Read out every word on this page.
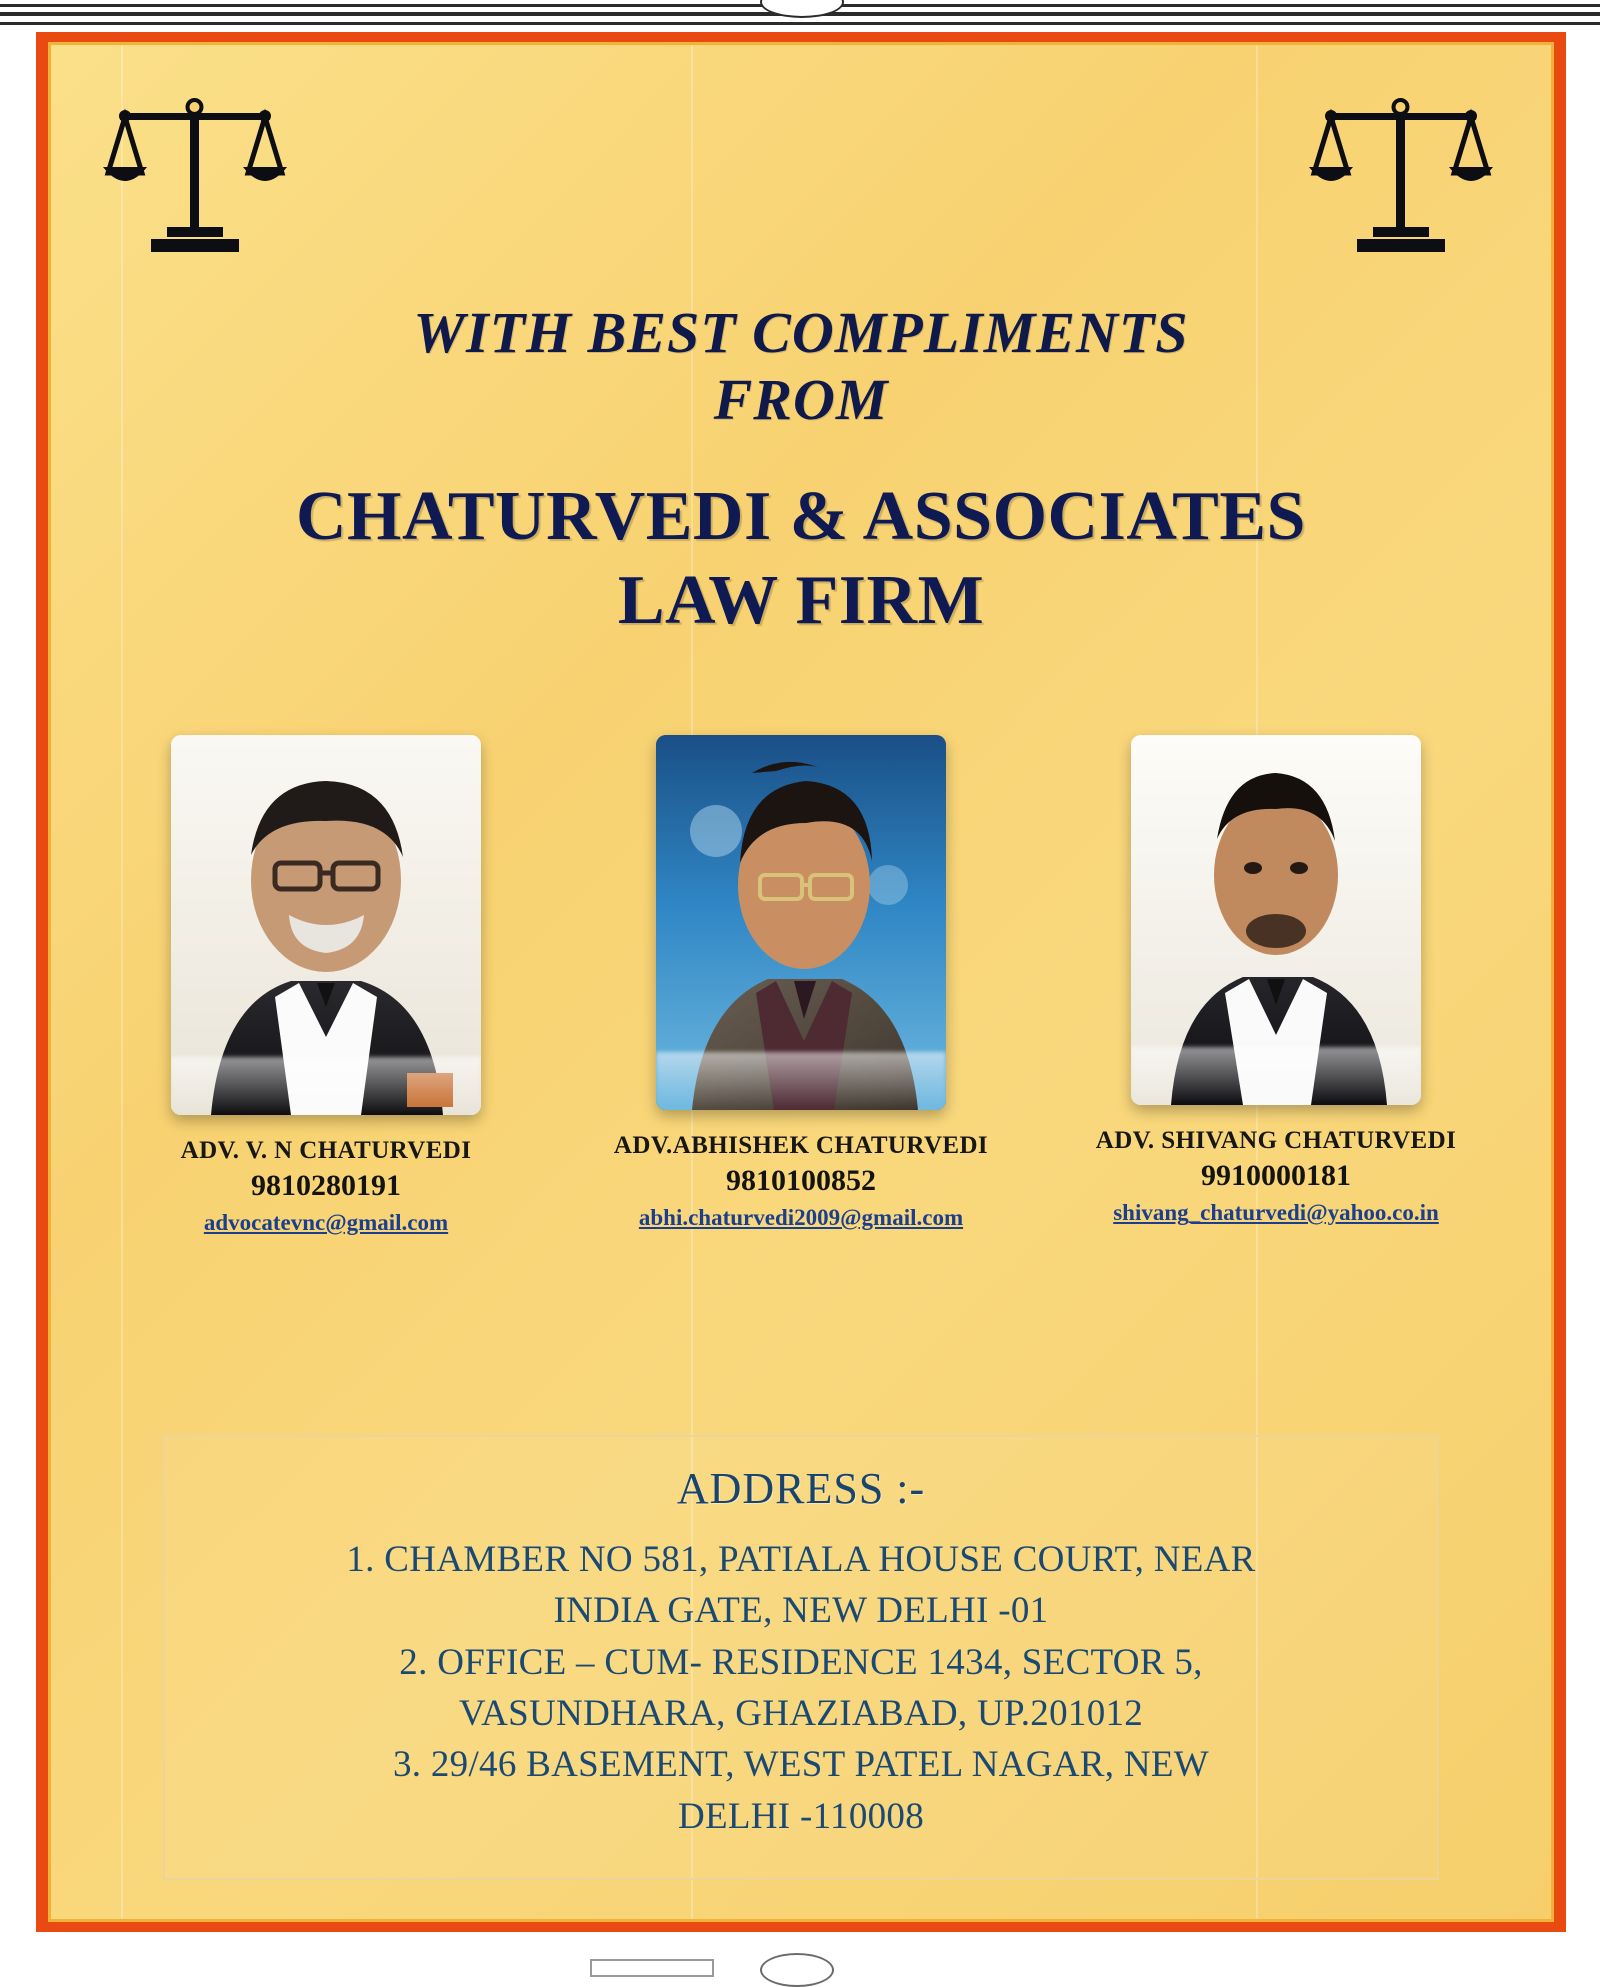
WITH BEST COMPLIMENTS
FROM
CHATURVEDI & ASSOCIATES
LAW FIRM
ADV. V. N CHATURVEDI
9810280191
advocatevnc@gmail.com
ADV.ABHISHEK CHATURVEDI
9810100852
abhi.chaturvedi2009@gmail.com
ADV. SHIVANG CHATURVEDI
9910000181
shivang_chaturvedi@yahoo.co.in
ADDRESS :-
1. CHAMBER NO 581, PATIALA HOUSE COURT, NEAR
INDIA GATE, NEW DELHI -01
2. OFFICE – CUM- RESIDENCE 1434, SECTOR 5,
VASUNDHARA, GHAZIABAD, UP.201012
3. 29/46 BASEMENT, WEST PATEL NAGAR, NEW
DELHI -110008
